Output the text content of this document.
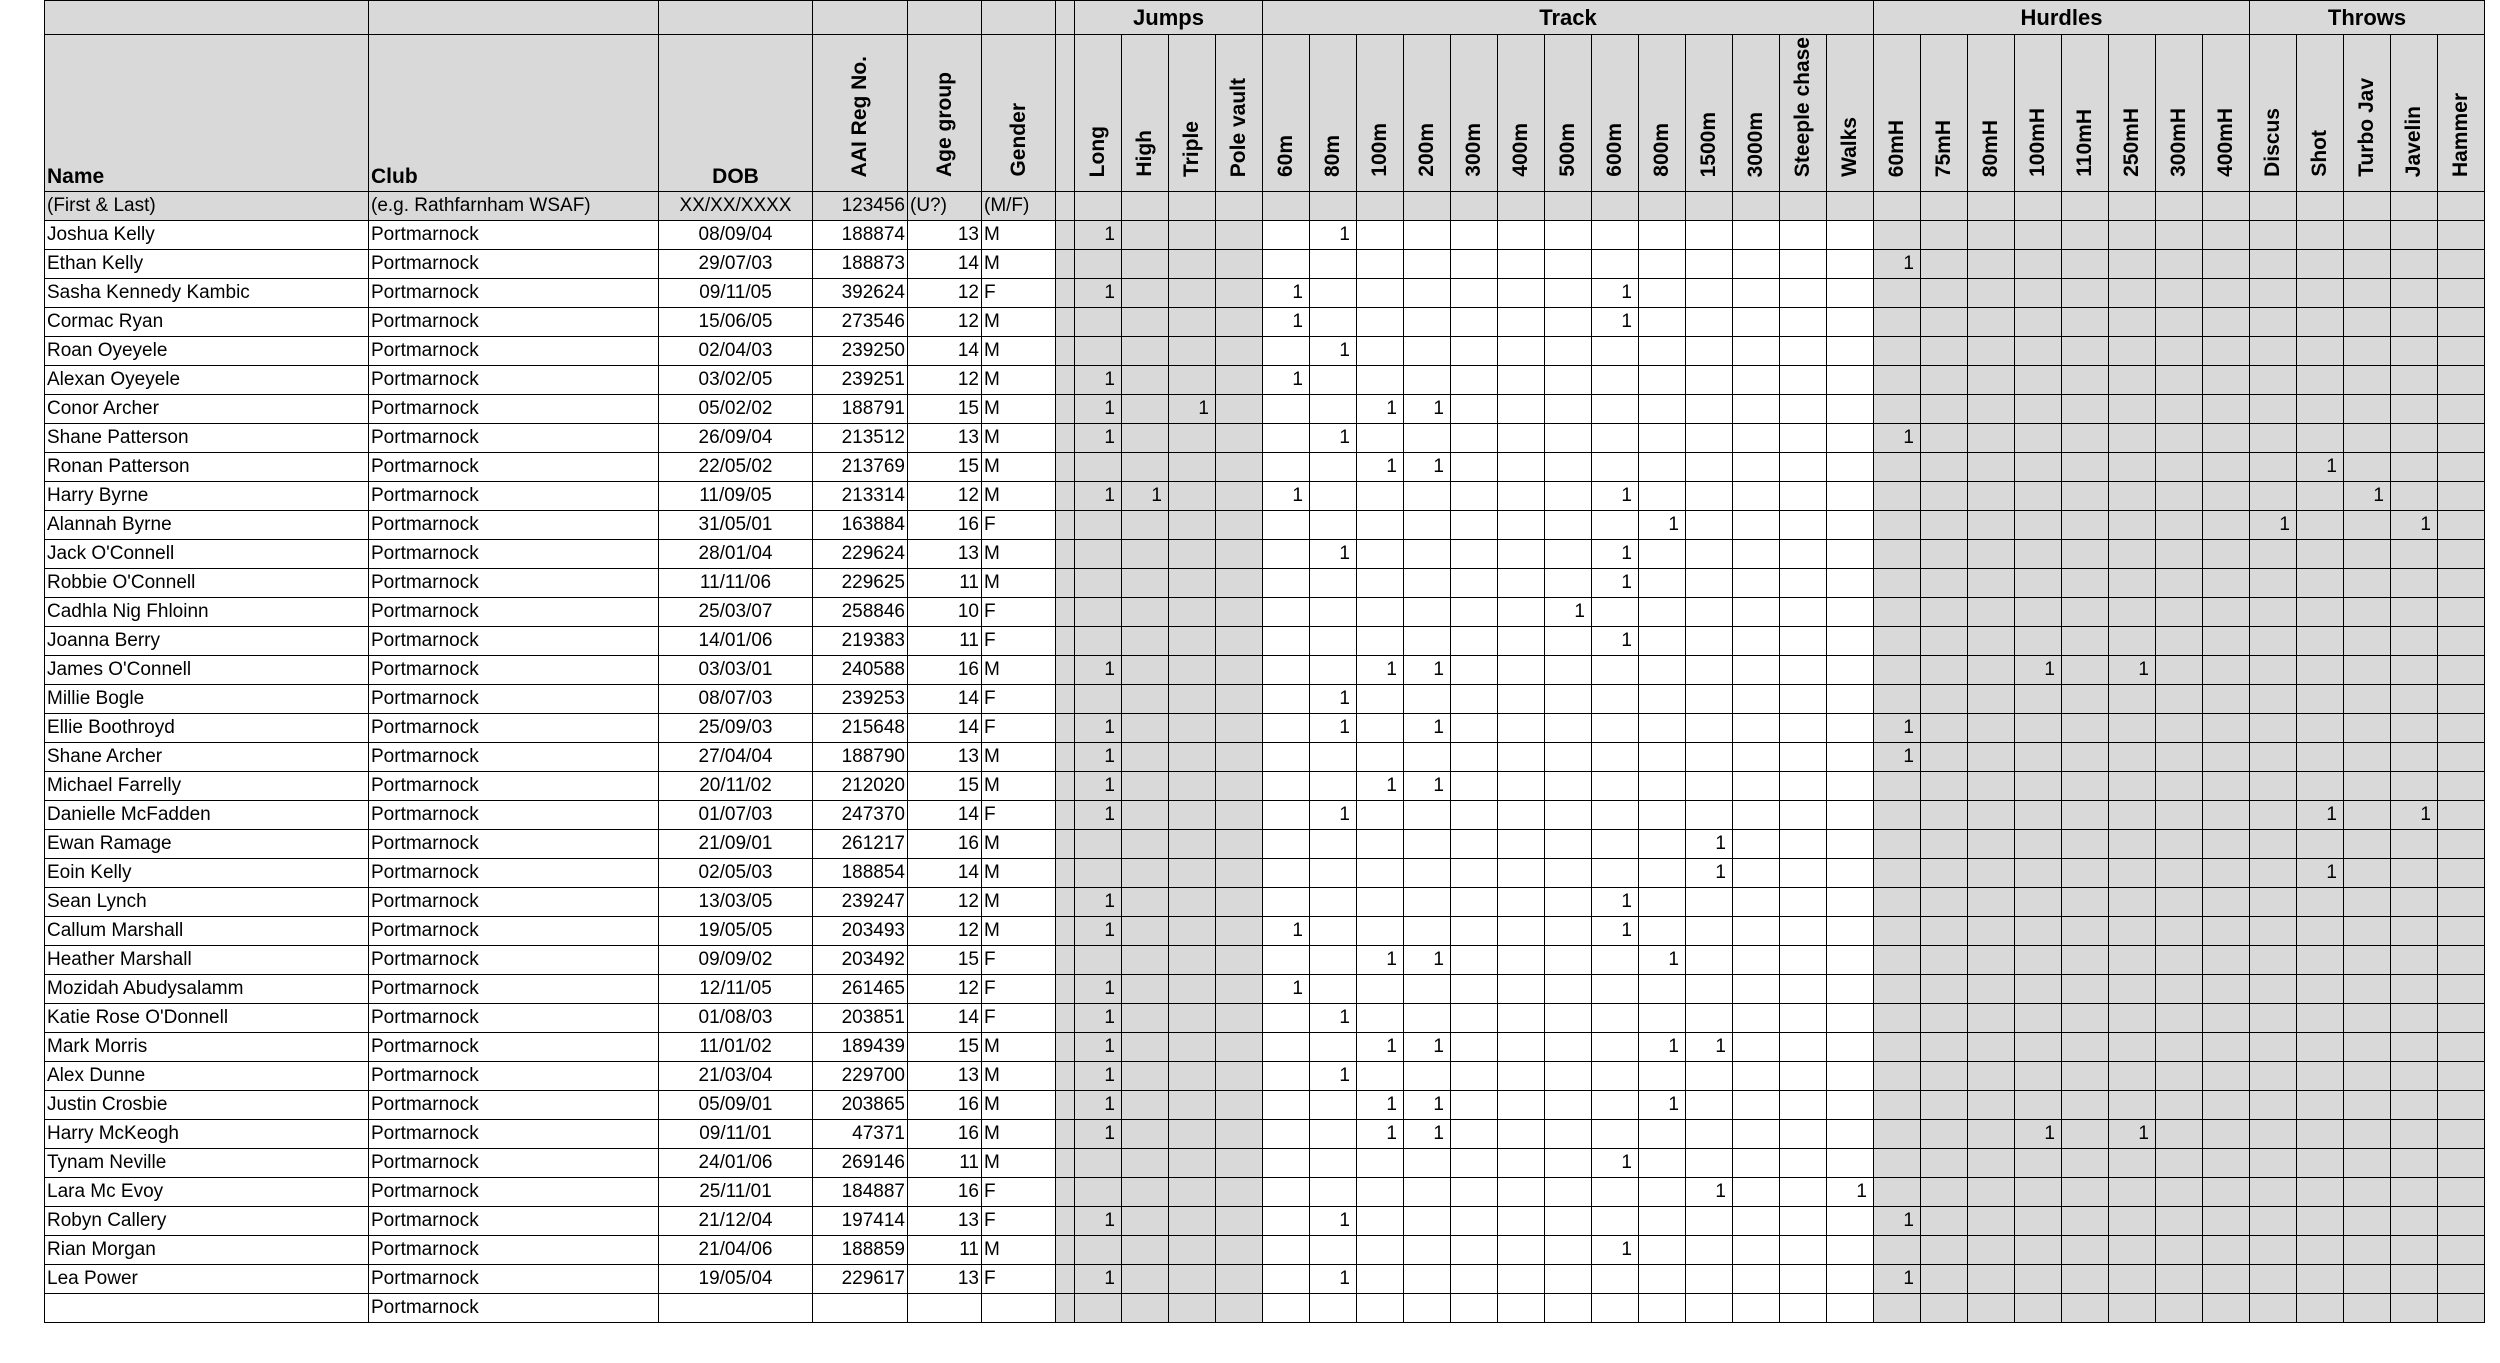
							Jumps				Track													Hurdles								Throws				
Name	Club	DOB	AAI Reg No.	Age group	Gender		Long	High	Triple	Pole vault	60m	80m	100m	200m	300m	400m	500m	600m	800m	1500m	3000m	Steeple chase	Walks	60mH	75mH	80mH	100mH	110mH	250mH	300mH	400mH	Discus	Shot	Turbo Jav	Javelin	Hammer
(First & Last)	(e.g. Rathfarnham WSAF)	XX/XX/XXXX	123456	(U?)	(M/F)																															
Joshua Kelly	Portmarnock	08/09/04	188874	13	M		1					1																								
Ethan Kelly	Portmarnock	29/07/03	188873	14	M																			1												
Sasha Kennedy Kambic	Portmarnock	09/11/05	392624	12	F		1				1							1																		
Cormac Ryan	Portmarnock	15/06/05	273546	12	M						1							1																		
Roan Oyeyele	Portmarnock	02/04/03	239250	14	M							1																								
Alexan Oyeyele	Portmarnock	03/02/05	239251	12	M		1				1																									
Conor Archer	Portmarnock	05/02/02	188791	15	M		1		1				1	1																						
Shane Patterson	Portmarnock	26/09/04	213512	13	M		1					1												1												
Ronan Patterson	Portmarnock	22/05/02	213769	15	M								1	1																			1			
Harry Byrne	Portmarnock	11/09/05	213314	12	M		1	1			1							1																1		
Alannah Byrne	Portmarnock	31/05/01	163884	16	F														1													1			1	
Jack O'Connell	Portmarnock	28/01/04	229624	13	M							1						1																		
Robbie O'Connell	Portmarnock	11/11/06	229625	11	M													1																		
Cadhla Nig Fhloinn	Portmarnock	25/03/07	258846	10	F												1																			
Joanna Berry	Portmarnock	14/01/06	219383	11	F													1																		
James O'Connell	Portmarnock	03/03/01	240588	16	M		1						1	1													1		1							
Millie Bogle	Portmarnock	08/07/03	239253	14	F							1																								
Ellie Boothroyd	Portmarnock	25/09/03	215648	14	F		1					1		1										1												
Shane Archer	Portmarnock	27/04/04	188790	13	M		1																	1												
Michael Farrelly	Portmarnock	20/11/02	212020	15	M		1						1	1																						
Danielle McFadden	Portmarnock	01/07/03	247370	14	F		1					1																					1		1	
Ewan Ramage	Portmarnock	21/09/01	261217	16	M															1																
Eoin Kelly	Portmarnock	02/05/03	188854	14	M															1													1			
Sean Lynch	Portmarnock	13/03/05	239247	12	M		1											1																		
Callum Marshall	Portmarnock	19/05/05	203493	12	M		1				1							1																		
Heather Marshall	Portmarnock	09/09/02	203492	15	F								1	1					1																	
Mozidah Abudysalamm	Portmarnock	12/11/05	261465	12	F		1				1																									
Katie Rose O'Donnell	Portmarnock	01/08/03	203851	14	F		1					1																								
Mark Morris	Portmarnock	11/01/02	189439	15	M		1						1	1					1	1																
Alex Dunne	Portmarnock	21/03/04	229700	13	M		1					1																								
Justin Crosbie	Portmarnock	05/09/01	203865	16	M		1						1	1					1																	
Harry McKeogh	Portmarnock	09/11/01	47371	16	M		1						1	1													1		1							
Tynam Neville	Portmarnock	24/01/06	269146	11	M													1																		
Lara Mc Evoy	Portmarnock	25/11/01	184887	16	F															1			1													
Robyn Callery	Portmarnock	21/12/04	197414	13	F		1					1												1												
Rian Morgan	Portmarnock	21/04/06	188859	11	M													1																		
Lea Power	Portmarnock	19/05/04	229617	13	F		1					1												1												
	Portmarnock																																			
